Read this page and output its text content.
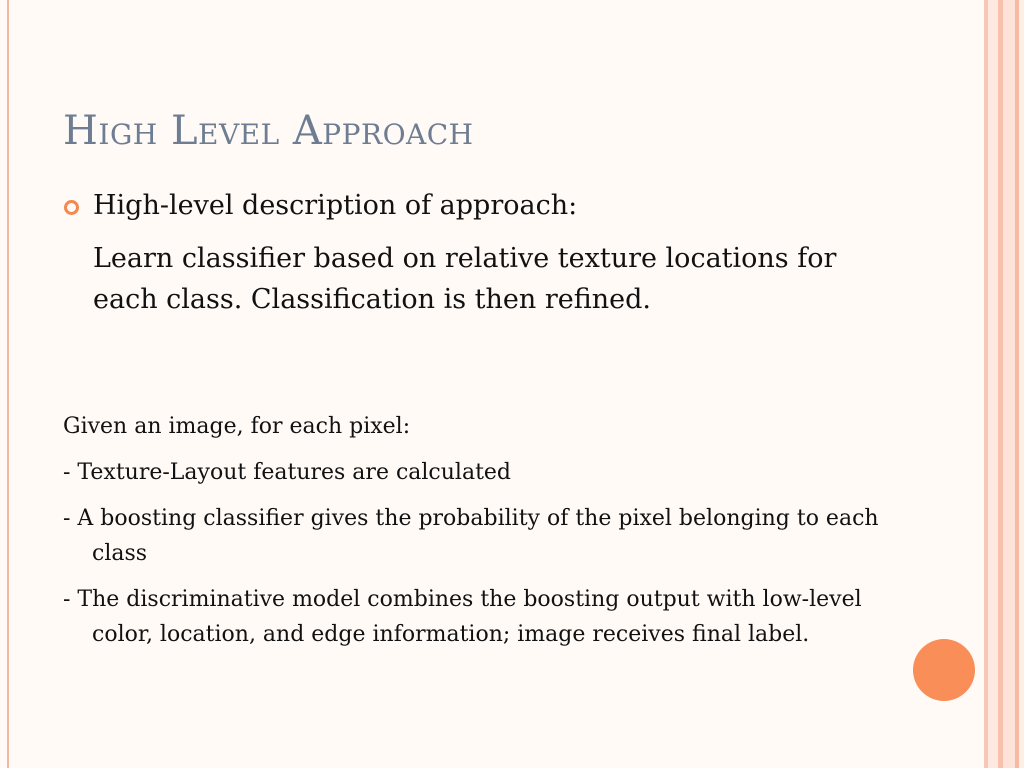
High Level Approach

High-level description of approach:

Learn classifier based on relative texture locations for each class. Classification is then refined.

Given an image, for each pixel:

- Texture-Layout features are calculated

- A boosting classifier gives the probability of the pixel belonging to each class

- The discriminative model combines the boosting output with low-level color, location, and edge information; image receives final label.
